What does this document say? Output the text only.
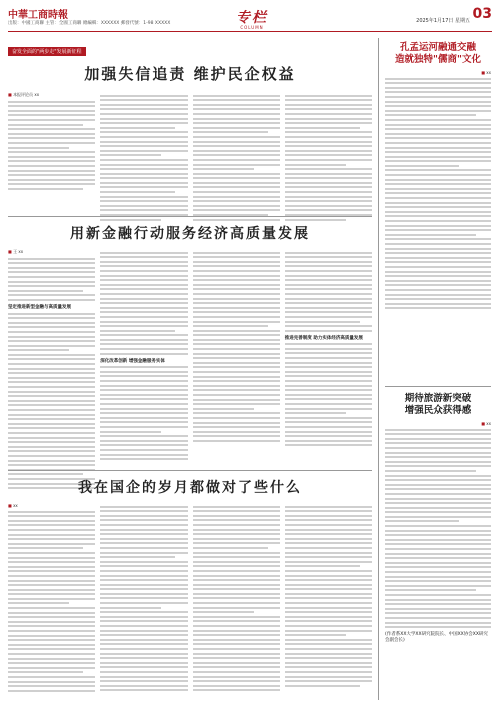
中華工商時報
出版：中國工商聯 主管：全國工商聯 總編輯：XXXXXX 郵發代號：1-98 XXXXX	专栏
COLUMN
03
2025年1月17日 星期五
奋发全面的"两步走"发展新征程
加强失信追责 维护民企权益
■ 本报评论员 xx
用新金融行动服务经济高质量发展
■ 王 xx
坚定推进新型金融与高质量发展
深化改革创新 增强金融服务实体
推进完善制度 助力实体经济高质量发展
我在国企的岁月都做对了些什么
■ xx
孔孟运河融通交融
造就独特"儒商"文化
■ xx
期待旅游新突破
增强民众获得感
■ xx
(作者系XX大学XX研究院院长、中国XX协会XX研究会副会长)
